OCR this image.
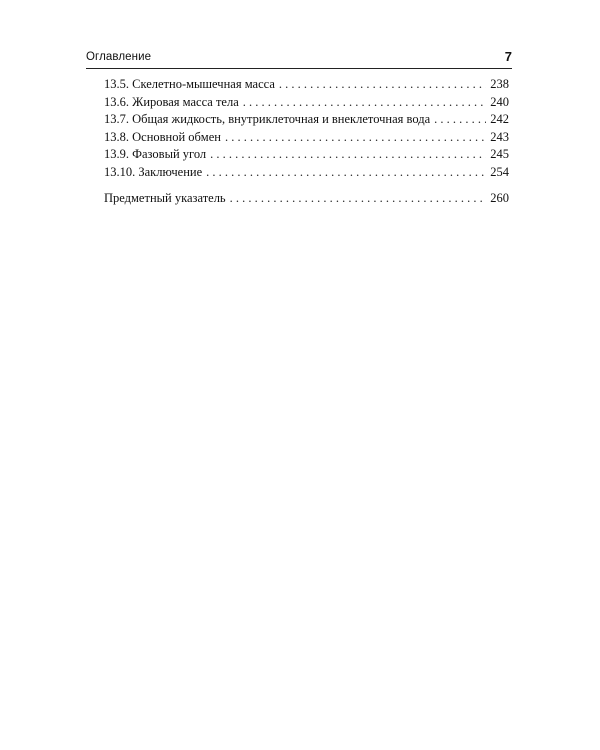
Оглавление	7
13.5. Скелетно-мышечная масса . . .	238
13.6. Жировая масса тела . . .	240
13.7. Общая жидкость, внутриклеточная и внеклеточная вода . . .	242
13.8. Основной обмен . . .	243
13.9. Фазовый угол . . .	245
13.10. Заключение . . .	254
Предметный указатель . . .	260
